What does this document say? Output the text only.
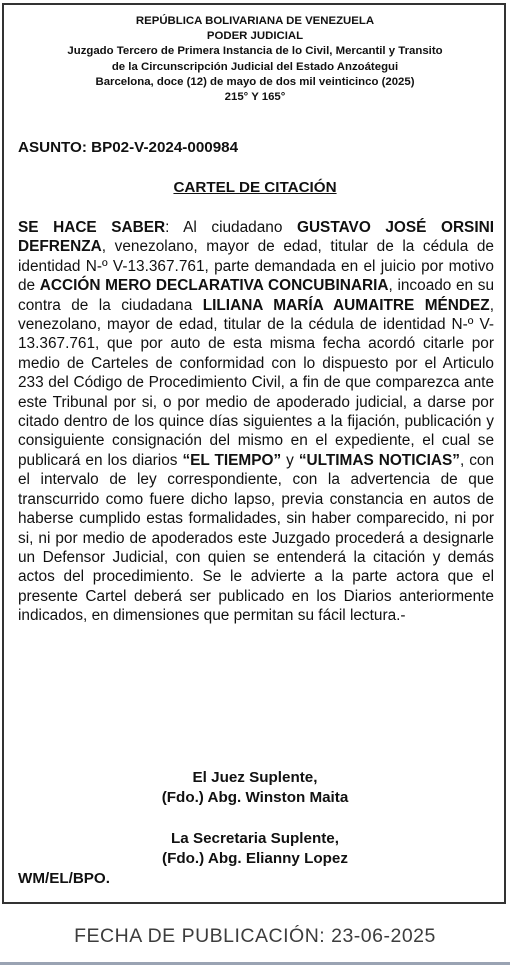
REPÚBLICA BOLIVARIANA DE VENEZUELA
PODER JUDICIAL
Juzgado Tercero de Primera Instancia de lo Civil, Mercantil y Transito
de la Circunscripción Judicial del Estado Anzoátegui
Barcelona, doce (12) de mayo de dos mil veinticinco (2025)
215° Y 165°
ASUNTO: BP02-V-2024-000984
CARTEL DE CITACIÓN
SE HACE SABER: Al ciudadano GUSTAVO JOSÉ ORSINI DEFRENZA, venezolano, mayor de edad, titular de la cédula de identidad N-º V-13.367.761, parte demandada en el juicio por motivo de ACCIÓN MERO DECLARATIVA CONCUBINARIA, incoado en su contra de la ciudadana LILIANA MARÍA AUMAITRE MÉNDEZ, venezolano, mayor de edad, titular de la cédula de identidad N-º V-13.367.761, que por auto de esta misma fecha acordó citarle por medio de Carteles de conformidad con lo dispuesto por el Articulo 233 del Código de Procedimiento Civil, a fin de que comparezca ante este Tribunal por si, o por medio de apoderado judicial, a darse por citado dentro de los quince días siguientes a la fijación, publicación y consiguiente consignación del mismo en el expediente, el cual se publicará en los diarios “EL TIEMPO” y “ULTIMAS NOTICIAS”, con el intervalo de ley correspondiente, con la advertencia de que transcurrido como fuere dicho lapso, previa constancia en autos de haberse cumplido estas formalidades, sin haber comparecido, ni por si, ni por medio de apoderados este Juzgado procederá a designarle un Defensor Judicial, con quien se entenderá la citación y demás actos del procedimiento. Se le advierte a la parte actora que el presente Cartel deberá ser publicado en los Diarios anteriormente indicados, en dimensiones que permitan su fácil lectura.-
El Juez Suplente,
(Fdo.) Abg. Winston Maita
La Secretaria Suplente,
(Fdo.) Abg. Elianny Lopez
WM/EL/BPO.
FECHA DE PUBLICACIÓN: 23-06-2025
